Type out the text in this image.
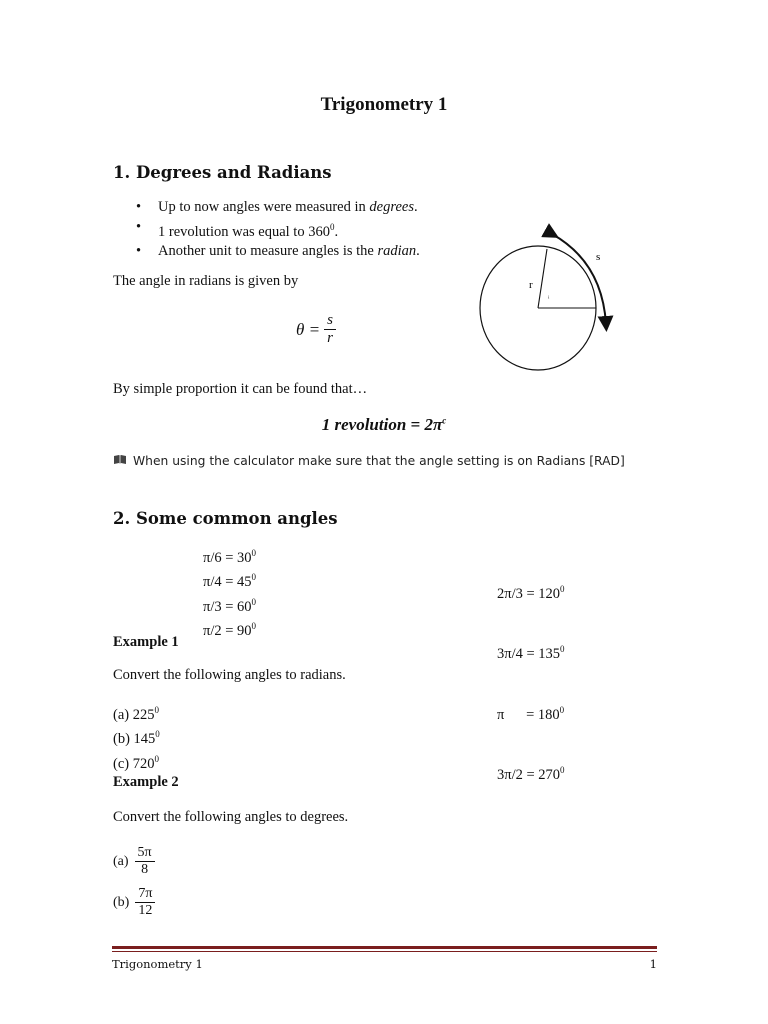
Trigonometry 1
1. Degrees and Radians
• Up to now angles were measured in degrees.
• 1 revolution was equal to $360^0$.
• Another unit to measure angles is the radian.
The angle in radians is given by
$\theta = \frac{s}{r}$
r
s
ᵢ
By simple proportion it can be found that…
1 revolution = $2\pi^c$
When using the calculator make sure that the angle setting is on Radians [RAD]
2. Some common angles
$\pi/6 = 30^0$
$\pi/4 = 45^0$
$\pi/3 = 60^0$
$\pi/2 = 90^0$

$2\pi/3 = 120^0$

$3\pi/4 = 135^0$

π      = $180^0$

$3\pi/2 = 270^0$

Example 1
Convert the following angles to radians.
(a) $225^0$
(b) $145^0$
(c) $720^0$
Example 2
Convert the following angles to degrees.
$(a) \frac{5\pi}{8}$
$(b) \frac{7\pi}{12}$
Trigonometry 1	1
